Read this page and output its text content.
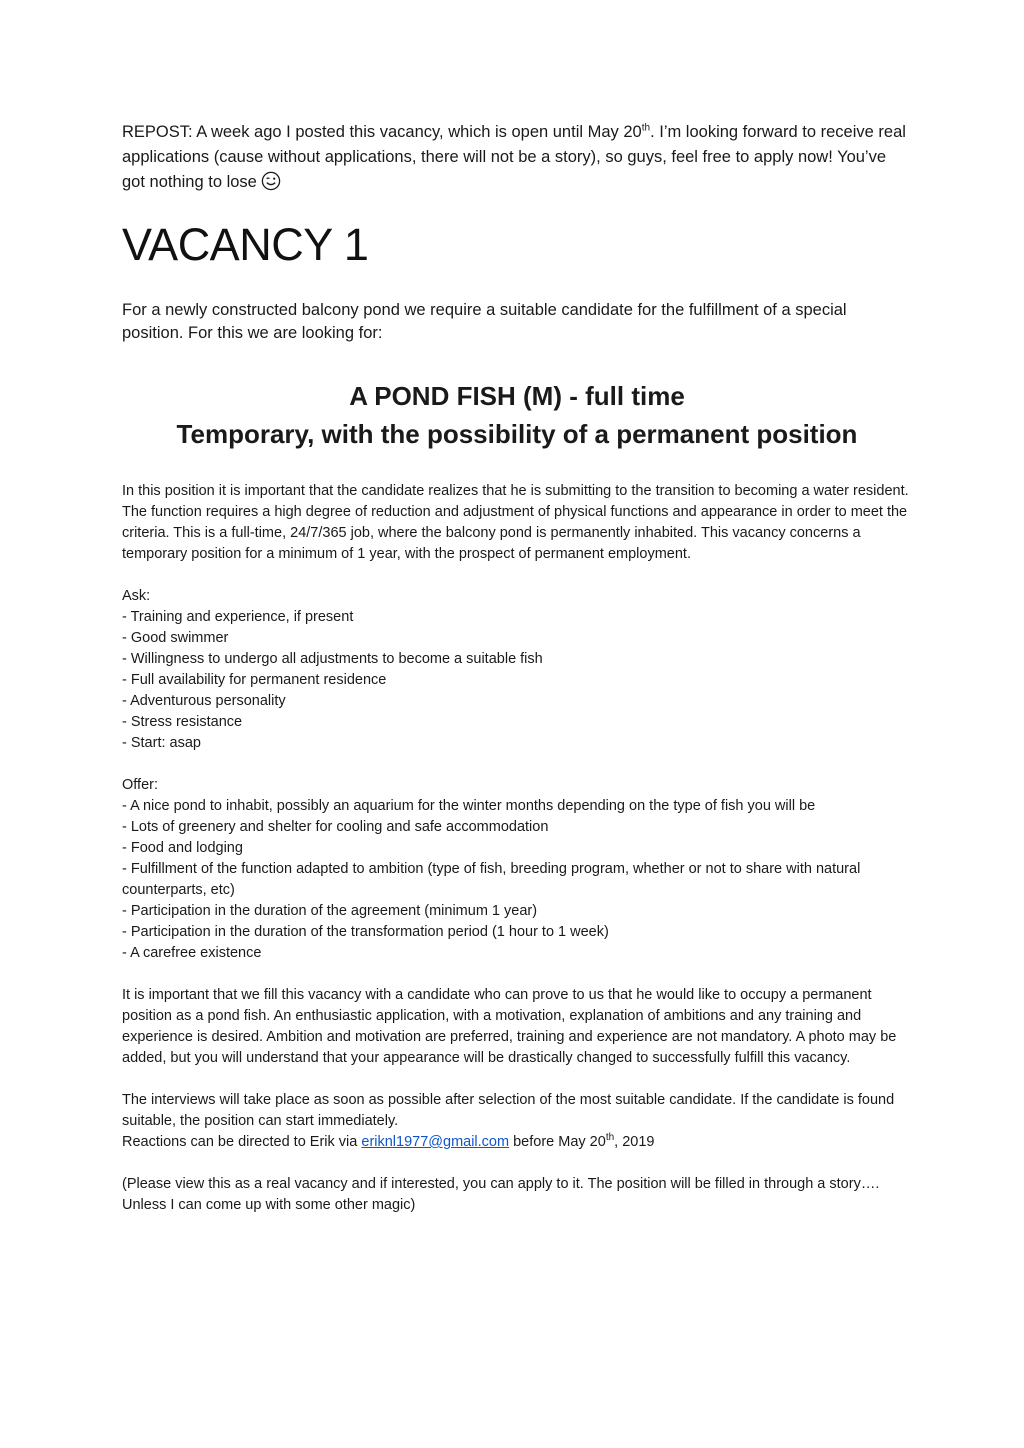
REPOST: A week ago I posted this vacancy, which is open until May 20th. I’m looking forward to receive real applications (cause without applications, there will not be a story), so guys, feel free to apply now! You’ve got nothing to lose

VACANCY 1

For a newly constructed balcony pond we require a suitable candidate for the fulfillment of a special position. For this we are looking for:

A POND FISH (M) - full time
Temporary, with the possibility of a permanent position

In this position it is important that the candidate realizes that he is submitting to the transition to becoming a water resident. The function requires a high degree of reduction and adjustment of physical functions and appearance in order to meet the criteria. This is a full-time, 24/7/365 job, where the balcony pond is permanently inhabited. This vacancy concerns a temporary position for a minimum of 1 year, with the prospect of permanent employment.

Ask:

- Training and experience, if present
- Good swimmer
- Willingness to undergo all adjustments to become a suitable fish
- Full availability for permanent residence
- Adventurous personality
- Stress resistance
- Start: asap

Offer:

- A nice pond to inhabit, possibly an aquarium for the winter months depending on the type of fish you will be
- Lots of greenery and shelter for cooling and safe accommodation
- Food and lodging
- Fulfillment of the function adapted to ambition (type of fish, breeding program, whether or not to share with natural counterparts, etc)
- Participation in the duration of the agreement (minimum 1 year)
- Participation in the duration of the transformation period (1 hour to 1 week)
- A carefree existence

It is important that we fill this vacancy with a candidate who can prove to us that he would like to occupy a permanent position as a pond fish. An enthusiastic application, with a motivation, explanation of ambitions and any training and experience is desired. Ambition and motivation are preferred, training and experience are not mandatory. A photo may be added, but you will understand that your appearance will be drastically changed to successfully fulfill this vacancy.

The interviews will take place as soon as possible after selection of the most suitable candidate. If the candidate is found suitable, the position can start immediately.

Reactions can be directed to Erik via eriknl1977@gmail.com before May 20th, 2019

(Please view this as a real vacancy and if interested, you can apply to it. The position will be filled in through a story…. Unless I can come up with some other magic)
